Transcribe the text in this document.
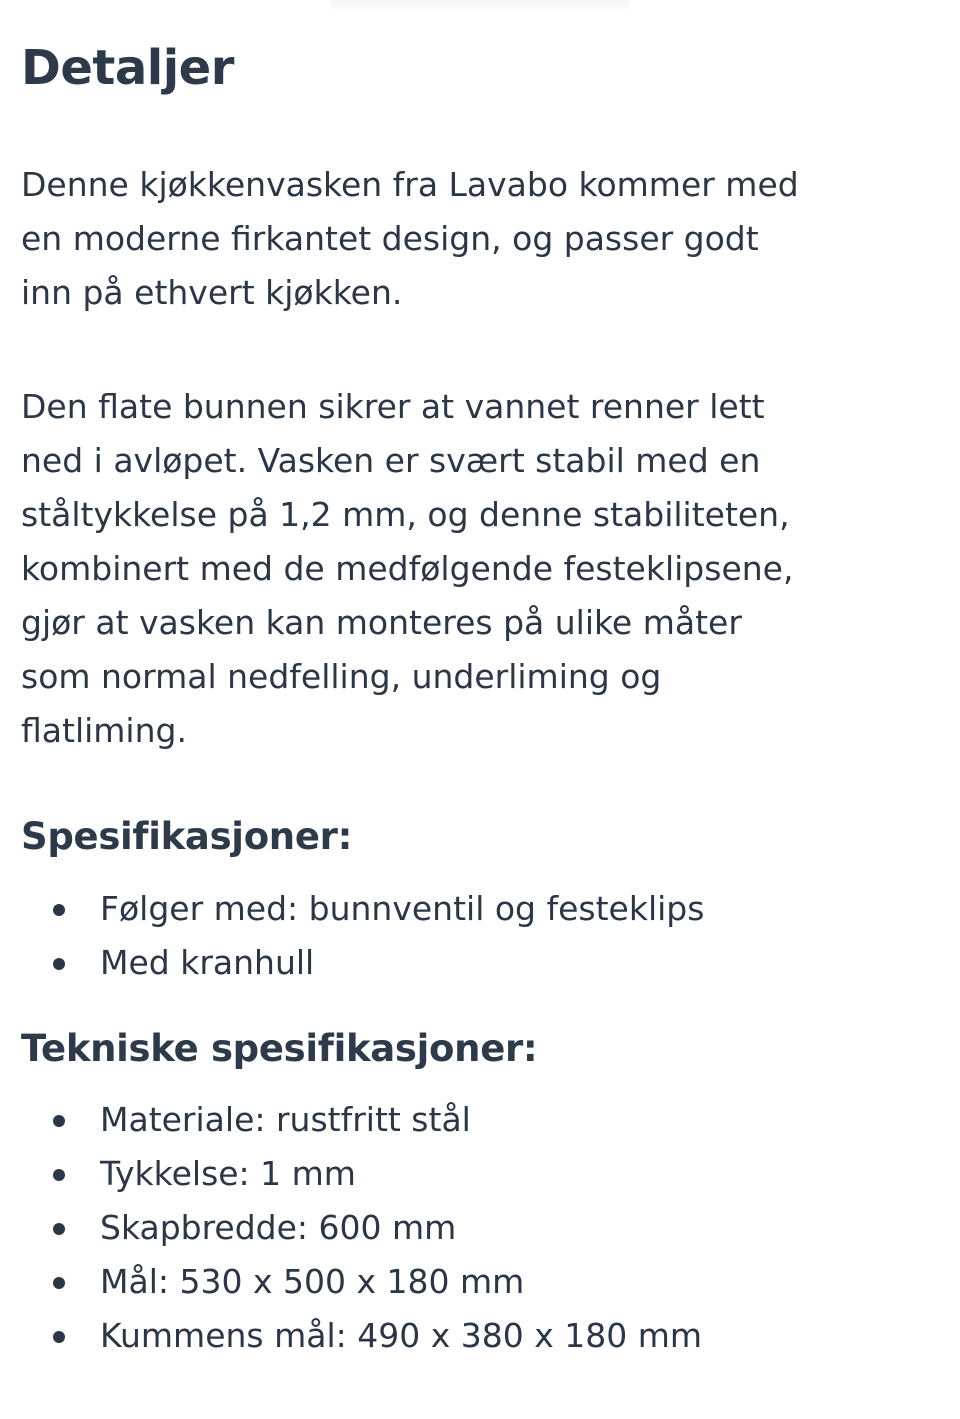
Detaljer

Denne kjøkkenvasken fra Lavabo kommer med
en moderne firkantet design, og passer godt
inn på ethvert kjøkken.

Den flate bunnen sikrer at vannet renner lett
ned i avløpet. Vasken er svært stabil med en
ståltykkelse på 1,2 mm, og denne stabiliteten,
kombinert med de medfølgende festeklipsene,
gjør at vasken kan monteres på ulike måter
som normal nedfelling, underliming og
flatliming.

Spesifikasjoner:
Følger med: bunnventil og festeklips
Med kranhull
Tekniske spesifikasjoner:
Materiale: rustfritt stål
Tykkelse: 1 mm
Skapbredde: 600 mm
Mål: 530 x 500 x 180 mm
Kummens mål: 490 x 380 x 180 mm
